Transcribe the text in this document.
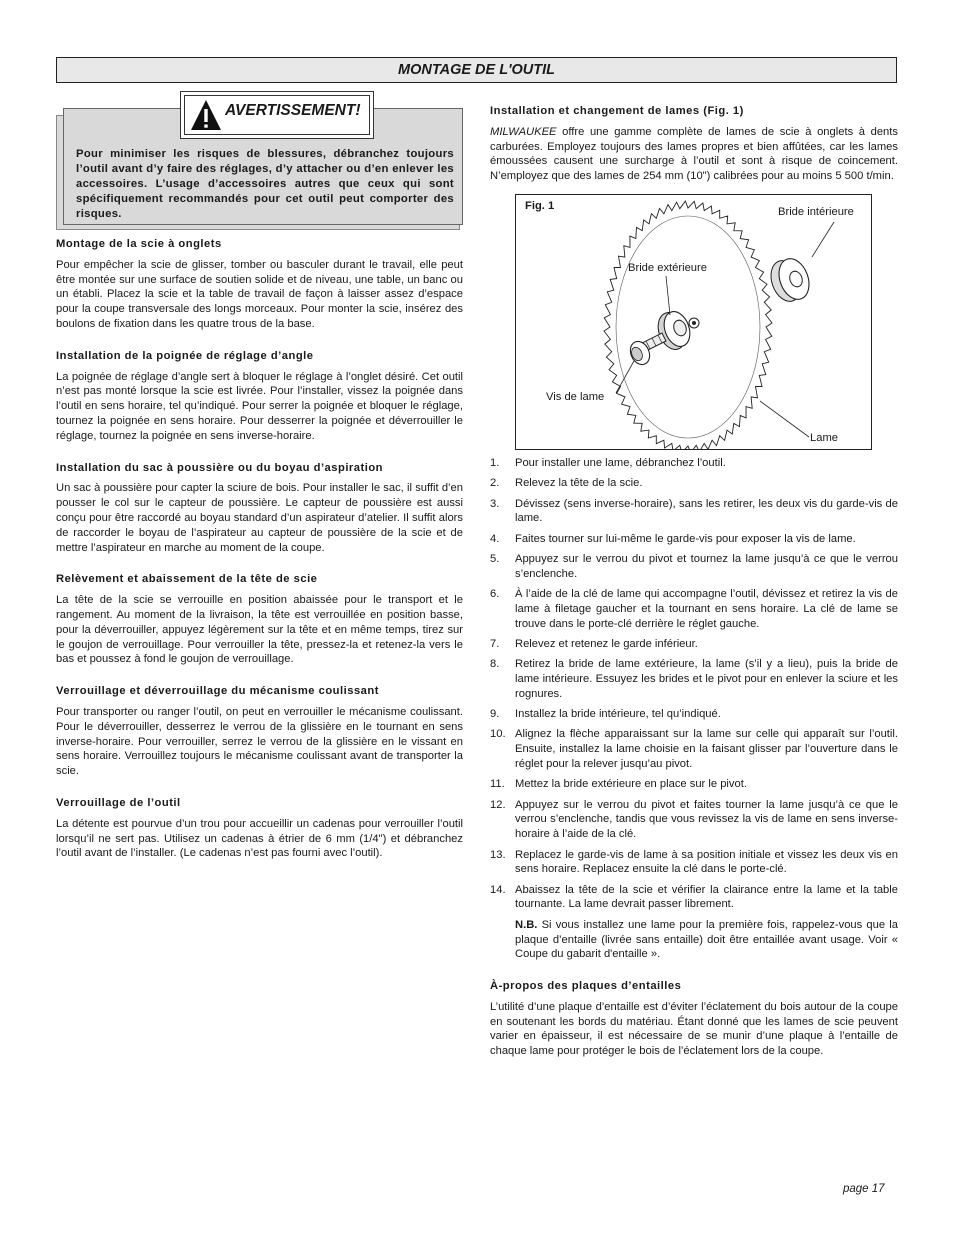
MONTAGE DE L'OUTIL
Pour minimiser les risques de blessures, débranchez toujours l’outil avant d’y faire des réglages, d’y attacher ou d’en enlever les accessoires. L’usage d’accessoires autres que ceux qui sont spécifiquement recommandés pour cet outil peut comporter des risques.
AVERTISSEMENT!
Montage de la scie à onglets

Pour empêcher la scie de glisser, tomber ou basculer durant le travail, elle peut être montée sur une surface de soutien solide et de niveau, une table, un banc ou un établi. Placez la scie et la table de travail de façon à laisser assez d’espace pour la coupe transversale des longs morceaux. Pour monter la scie, insérez des boulons de fixation dans les quatre trous de la base.

Installation de la poignée de réglage d’angle

La poignée de réglage d’angle sert à bloquer le réglage à l’onglet désiré. Cet outil n’est pas monté lorsque la scie est livrée. Pour l’installer, vissez la poignée dans l’outil en sens horaire, tel qu’indiqué. Pour serrer la poignée et bloquer le réglage, tournez la poignée en sens horaire. Pour desserrer la poignée et déverrouiller le réglage, tournez la poignée en sens inverse-horaire.

Installation du sac à poussière ou du boyau d’aspiration

Un sac à poussière pour capter la sciure de bois. Pour installer le sac, il suffit d’en pousser le col sur le capteur de poussière. Le capteur de poussière est aussi conçu pour être raccordé au boyau standard d’un aspirateur d’atelier. Il suffit alors de raccorder le boyau de l’aspirateur au capteur de poussière de la scie et de mettre l’aspirateur en marche au moment de la coupe.

Relèvement et abaissement de la tête de scie

La tête de la scie se verrouille en position abaissée pour le transport et le rangement. Au moment de la livraison, la tête est verrouillée en position basse, pour la déverrouiller, appuyez légèrement sur la tête et en même temps, tirez sur le goujon de verrouillage. Pour verrouiller la tête, pressez-la et retenez-la vers le bas et poussez à fond le goujon de verrouillage.

Verrouillage et déverrouillage du mécanisme coulissant

Pour transporter ou ranger l’outil, on peut en verrouiller le mécanisme coulissant. Pour le déverrouiller, desserrez le verrou de la glissière en le tournant en sens inverse-horaire. Pour verrouiller, serrez le verrou de la glissière en le vissant en sens horaire. Verrouillez toujours le mécanisme coulissant avant de transporter la scie.

Verrouillage de l’outil

La détente est pourvue d’un trou pour accueillir un cadenas pour verrouiller l’outil lorsqu’il ne sert pas. Utilisez un cadenas à étrier de 6 mm (1/4") et débranchez l’outil avant de l’installer. (Le cadenas n’est pas fourni avec l’outil).

Installation et changement de lames (Fig. 1)

MILWAUKEE offre une gamme complète de lames de scie à onglets à dents carburées. Employez toujours des lames propres et bien affûtées, car les lames émoussées causent une surcharge à l’outil et sont à risque de coincement. N’employez que des lames de 254 mm (10") calibrées pour au moins 5 500 t/min.

Fig. 1	Bride intérieure
Bride extérieure
Vis de lame
Lame
1. Pour installer une lame, débranchez l’outil.
2. Relevez la tête de la scie.
3. Dévissez (sens inverse-horaire), sans les retirer, les deux vis du garde-vis de lame.
4. Faites tourner sur lui-même le garde-vis pour exposer la vis de lame.
5. Appuyez sur le verrou du pivot et tournez la lame jusqu’à ce que le verrou s’enclenche.
6. À l’aide de la clé de lame qui accompagne l’outil, dévissez et retirez la vis de lame à filetage gaucher et la tournant en sens horaire. La clé de lame se trouve dans le porte-clé derrière le réglet gauche.
7. Relevez et retenez le garde inférieur.
8. Retirez la bride de lame extérieure, la lame (s’il y a lieu), puis la bride de lame intérieure. Essuyez les brides et le pivot pour en enlever la sciure et les rognures.
9. Installez la bride intérieure, tel qu’indiqué.
10. Alignez la flèche apparaissant sur la lame sur celle qui apparaît sur l’outil. Ensuite, installez la lame choisie en la faisant glisser par l’ouverture dans le réglet pour la relever jusqu’au pivot.
11. Mettez la bride extérieure en place sur le pivot.
12. Appuyez sur le verrou du pivot et faites tourner la lame jusqu’à ce que le verrou s’enclenche, tandis que vous revissez la vis de lame en sens inverse-horaire à l’aide de la clé.
13. Replacez le garde-vis de lame à sa position initiale et vissez les deux vis en sens horaire. Replacez ensuite la clé dans le porte-clé.
14. Abaissez la tête de la scie et vérifier la clairance entre la lame et la table tournante. La lame devrait passer librement.

N.B. Si vous installez une lame pour la première fois, rappelez-vous que la plaque d’entaille (livrée sans entaille) doit être entaillée avant usage. Voir « Coupe du gabarit d'entaille ».

À-propos des plaques d’entailles

L’utilité d’une plaque d’entaille est d’éviter l’éclatement du bois autour de la coupe en soutenant les bords du matériau. Étant donné que les lames de scie peuvent varier en épaisseur, il est nécessaire de se munir d’une plaque à l’entaille de chaque lame pour protéger le bois de l’éclatement lors de la coupe.

page 17
